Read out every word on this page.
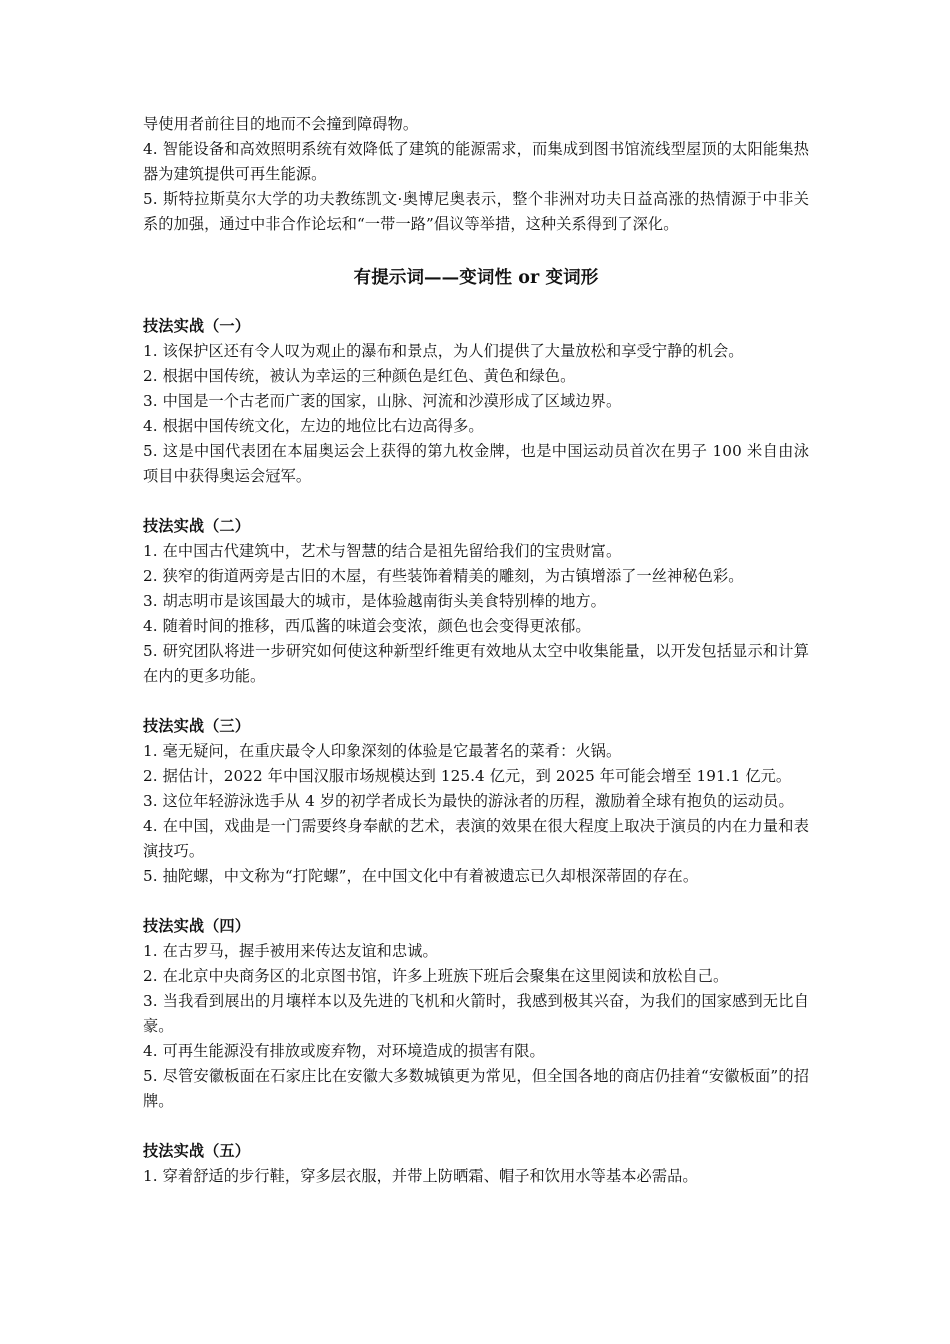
导使用者前往目的地而不会撞到障碍物。

4. 智能设备和高效照明系统有效降低了建筑的能源需求，而集成到图书馆流线型屋顶的太阳能集热器为建筑提供可再生能源。

5. 斯特拉斯莫尔大学的功夫教练凯文·奥博尼奥表示，整个非洲对功夫日益高涨的热情源于中非关系的加强，通过中非合作论坛和“一带一路”倡议等举措，这种关系得到了深化。

有提示词——变词性 or 变词形

技法实战（一）

1. 该保护区还有令人叹为观止的瀑布和景点，为人们提供了大量放松和享受宁静的机会。

2. 根据中国传统，被认为幸运的三种颜色是红色、黄色和绿色。

3. 中国是一个古老而广袤的国家，山脉、河流和沙漠形成了区域边界。

4. 根据中国传统文化，左边的地位比右边高得多。

5. 这是中国代表团在本届奥运会上获得的第九枚金牌，也是中国运动员首次在男子 100 米自由泳项目中获得奥运会冠军。

技法实战（二）

1. 在中国古代建筑中，艺术与智慧的结合是祖先留给我们的宝贵财富。

2. 狭窄的街道两旁是古旧的木屋，有些装饰着精美的雕刻，为古镇增添了一丝神秘色彩。

3. 胡志明市是该国最大的城市，是体验越南街头美食特别棒的地方。

4. 随着时间的推移，西瓜酱的味道会变浓，颜色也会变得更浓郁。

5. 研究团队将进一步研究如何使这种新型纤维更有效地从太空中收集能量，以开发包括显示和计算在内的更多功能。

技法实战（三）

1. 毫无疑问，在重庆最令人印象深刻的体验是它最著名的菜肴：火锅。

2. 据估计，2022 年中国汉服市场规模达到 125.4 亿元，到 2025 年可能会增至 191.1 亿元。

3. 这位年轻游泳选手从 4 岁的初学者成长为最快的游泳者的历程，激励着全球有抱负的运动员。

4. 在中国，戏曲是一门需要终身奉献的艺术，表演的效果在很大程度上取决于演员的内在力量和表演技巧。

5. 抽陀螺，中文称为“打陀螺”，在中国文化中有着被遗忘已久却根深蒂固的存在。

技法实战（四）

1. 在古罗马，握手被用来传达友谊和忠诚。

2. 在北京中央商务区的北京图书馆，许多上班族下班后会聚集在这里阅读和放松自己。

3. 当我看到展出的月壤样本以及先进的飞机和火箭时，我感到极其兴奋，为我们的国家感到无比自豪。

4. 可再生能源没有排放或废弃物，对环境造成的损害有限。

5. 尽管安徽板面在石家庄比在安徽大多数城镇更为常见，但全国各地的商店仍挂着“安徽板面”的招牌。

技法实战（五）

1. 穿着舒适的步行鞋，穿多层衣服，并带上防晒霜、帽子和饮用水等基本必需品。
